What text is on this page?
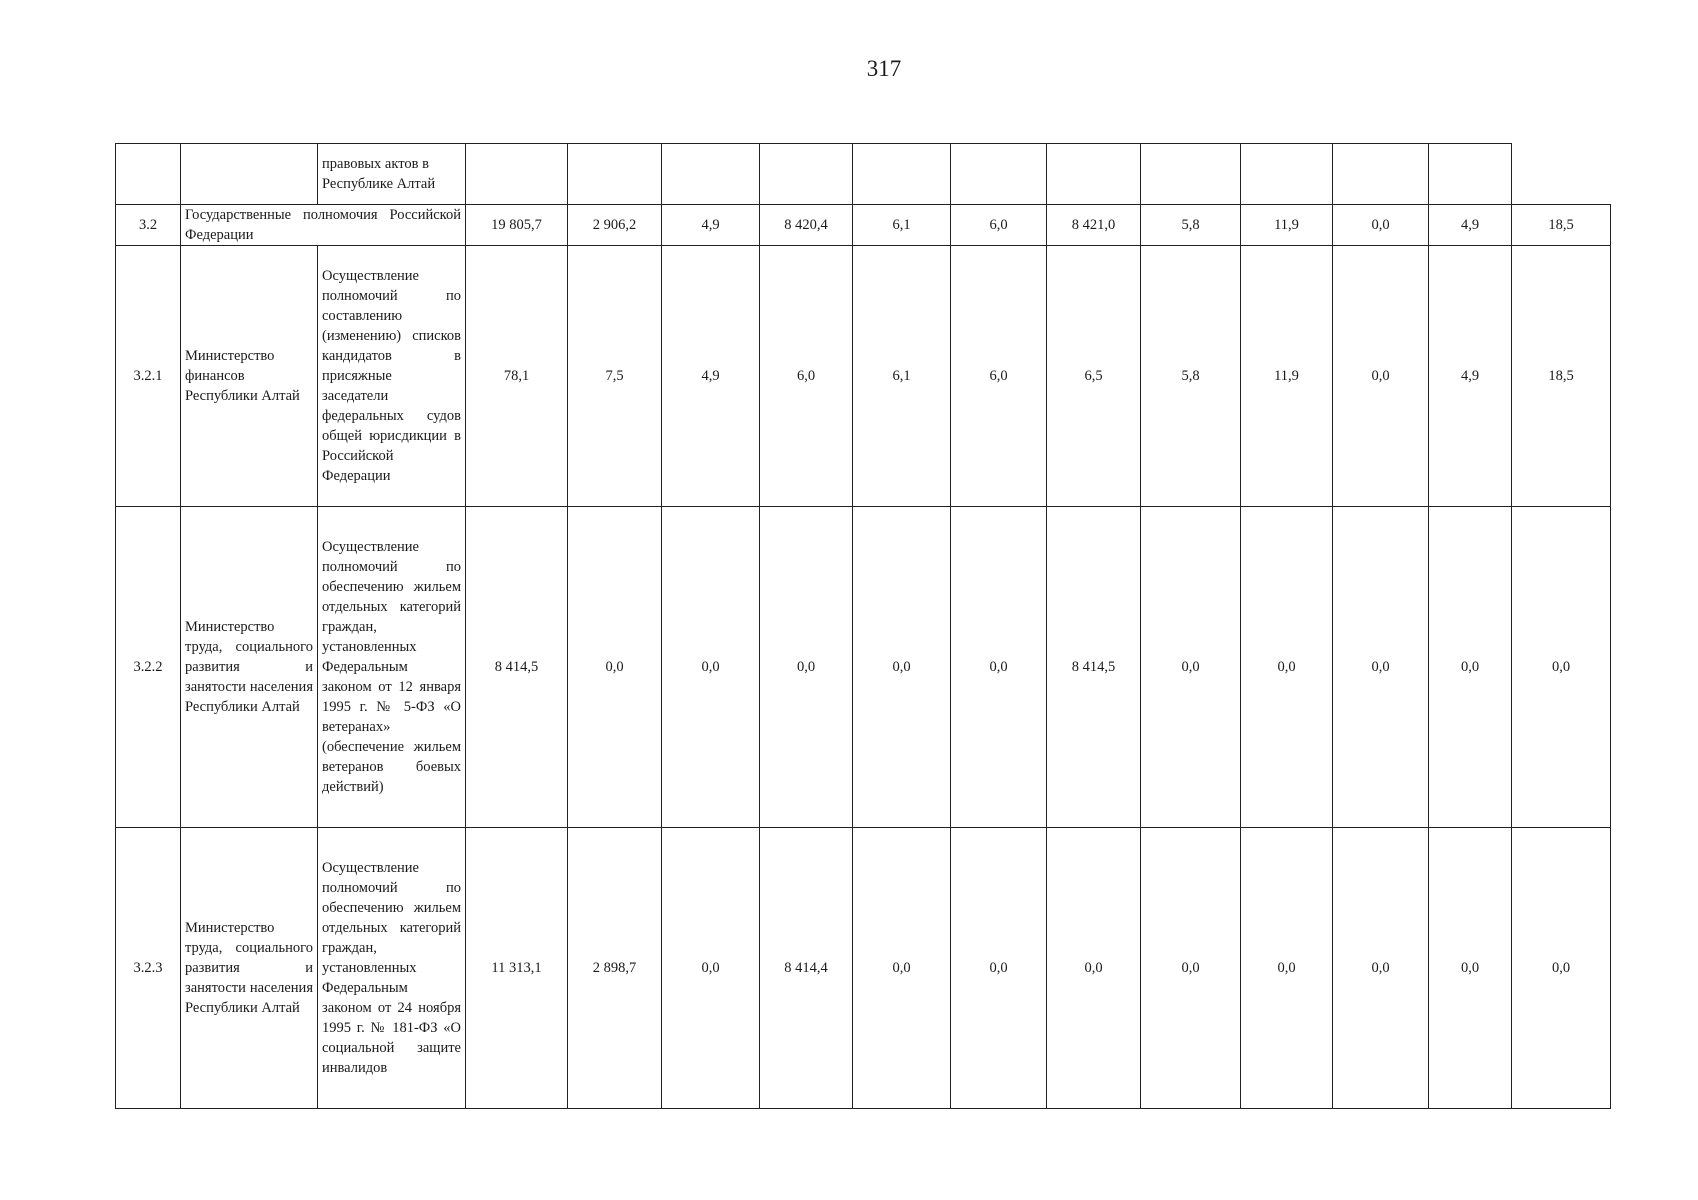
317
		правовых актов в Республике Алтай												
3.2	Государственные полномочия Российской Федерации		19 805,7	2 906,2	4,9	8 420,4	6,1	6,0	8 421,0	5,8	11,9	0,0	4,9	18,5
3.2.1	Министерство финансов Республики Алтай	Осуществление полномочий по составлению (изменению) списков кандидатов в присяжные заседатели федеральных судов общей юрисдикции в Российской Федерации	78,1	7,5	4,9	6,0	6,1	6,0	6,5	5,8	11,9	0,0	4,9	18,5
3.2.2	Министерство труда, социального развития и занятости населения Республики Алтай	Осуществление полномочий по обеспечению жильем отдельных категорий граждан, установленных Федеральным законом от 12 января 1995 г. № 5-ФЗ «О ветеранах» (обеспечение жильем ветеранов боевых действий)	8 414,5	0,0	0,0	0,0	0,0	0,0	8 414,5	0,0	0,0	0,0	0,0	0,0
3.2.3	Министерство труда, социального развития и занятости населения Республики Алтай	Осуществление полномочий по обеспечению жильем отдельных категорий граждан, установленных Федеральным законом от 24 ноября 1995 г. № 181-ФЗ «О социальной защите инвалидов	11 313,1	2 898,7	0,0	8 414,4	0,0	0,0	0,0	0,0	0,0	0,0	0,0	0,0
